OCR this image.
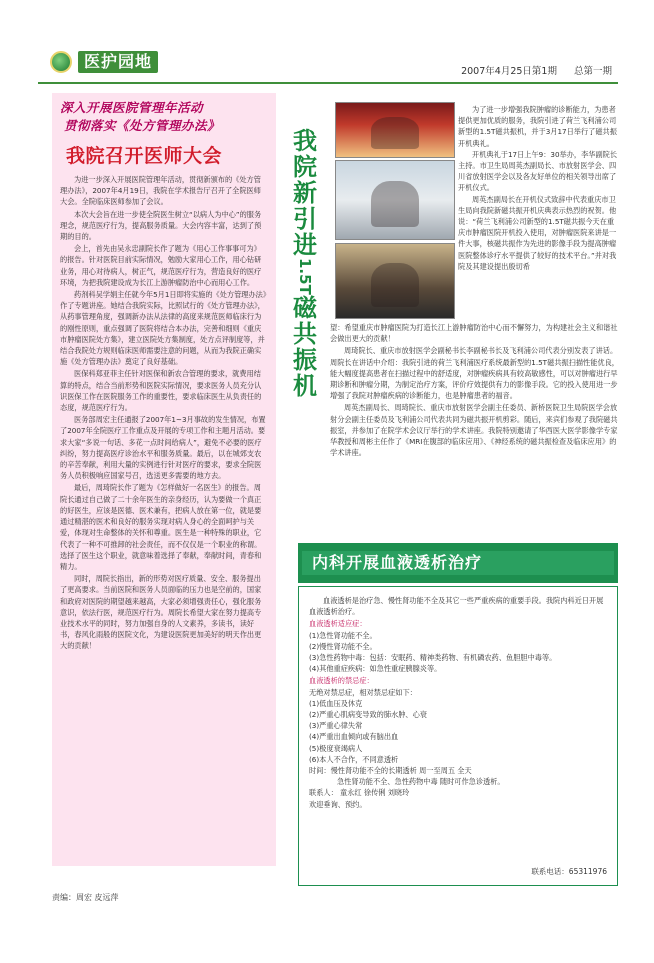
医护园地
2007年4月25日第1期 总第一期
深入开展医院管理年活动
贯彻落实《处方管理办法》
我院召开医师大会

为进一步深入开展医院管理年活动，贯彻新颁布的《处方管理办法》，2007年4月19日，我院在学术报告厅召开了全院医师大会。全院临床医师参加了会议。

本次大会旨在进一步使全院医生树立“以病人为中心”的服务理念，规范医疗行为，提高服务质量。大会内容丰富，达到了预期的目的。

会上，首先由吴永忠副院长作了题为《用心工作事事可为》的报告。针对医院目前实际情况，勉励大家用心工作，用心钻研业务，用心对待病人，树正气，规范医疗行为，营造良好的医疗环境，为把我院建设成为长江上游肿瘤防治中心而用心工作。

药剂科吴学娟主任就今年5月1日即将实施的《处方管理办法》作了专题讲座。她结合我院实际，比照试行的《处方管理办法》，从药事管理角度，强调新办法从法律的高度来规范医师临床行为的刚性原则，重点强调了医院将结合本办法，完善和细则《重庆市肿瘤医院处方集》，建立医院处方集制度，处方点评制度等，并结合我院处方规则临床医师需要注意的问题，从而为我院正确实施《处方管理办法》奠定了良好基础。

医保科郑亚菲主任针对医保和新农合管理的要求，就费用结算的特点，结合当前形势和医院实际情况，要求医务人员充分认识医保工作在医院服务工作的重要性，要求临床医生从负责任的态度，规范医疗行为。

医务部周宏主任通报了2007年1~3月事故的发生情况，布置了2007年全院医疗工作重点及开展的专项工作和主题月活动。要求大家“多说一句话、多花一点时间给病人”，避免不必要的医疗纠纷，努力提高医疗诊治水平和服务质量。最后，以在城郊支农的辛苦奉献，利用大量的实例进行针对医疗的要求，要求全院医务人员积极响应国家号召，选送更多需要的地方去。

最后，周琦院长作了题为《怎样做好一名医生》的报告。周院长通过自己做了二十余年医生的亲身经历，认为要做一个真正的好医生，应该是医德、医术兼有，把病人放在第一位，就是要通过精湛的医术和良好的服务实现对病人身心的全面呵护与关爱，体现对生命整体的关怀和尊重。医生是一种特殊的职业，它代表了一种不可推卸的社会责任，而不仅仅是一个职业的称谓。选择了医生这个职业，就意味着选择了奉献，奉献时间，青春和精力。

同时，周院长指出，新的形势对医疗质量、安全、服务提出了更高要求。当前医院和医务人员面临的压力也是空前的，国家和政府对医院的期望越来越高，大家必须增强责任心，强化服务意识，依法行医，规范医疗行为。周院长希望大家在努力提高专业技术水平的同时，努力加强自身的人文素养，多读书，读好书，春风化雨般的医院文化，为建设医院更加美好的明天作出更大的贡献！

我
院
新
引
进
1.5T
磁
共
振
机

为了进一步增强我院肿瘤的诊断能力，为患者提供更加优质的服务，我院引进了荷兰飞利浦公司新型的1.5T磁共振机，并于3月17日举行了磁共振开机典礼。

开机典礼于17日上午9：30举办，李华副院长主持。市卫生局周英杰副局长、市放射医学会、四川省放射医学会以及各友好单位的相关领导出席了开机仪式。

周英杰副局长在开机仪式致辞中代表重庆市卫生局向我院新磁共振开机庆典表示热烈的祝贺。他说：“荷兰飞利浦公司新型的1.5T磁共振今天在重庆市肿瘤医院开机投入使用，对肿瘤医院来讲是一件大事，核磁共振作为先进的影像手段为提高肿瘤医院整体诊疗水平提供了较好的技术平台。”并对我院及其建设提出殷切希

望：希望重庆市肿瘤医院为打造长江上游肿瘤防治中心而不懈努力，为构建社会主义和谐社会做出更大的贡献！

周琦院长、重庆市放射医学会副秘书长李副秘书长及飞利浦公司代表分别发表了讲话。周院长在讲话中介绍：我院引进的荷兰飞利浦医疗系统最新型的1.5T磁共振扫描性能优良，能大幅度提高患者在扫描过程中的舒适度，对肿瘤疾病具有较高敏感性，可以对肿瘤进行早期诊断和肿瘤分期，为制定治疗方案，评价疗效提供有力的影像手段。它的投入使用进一步增强了我院对肿瘤疾病的诊断能力，也是肿瘤患者的福音。

周英杰副局长、周琦院长、重庆市放射医学会副主任委员、新桥医院卫生局院医学会放射分会副主任委员及飞利浦公司代表共同为磁共振开机剪彩。随后，来宾们参观了我院磁共振室，并参加了在院学术会议厅举行的学术讲座。我院特别邀请了华西医大医学影像学专家华教授和周彬主任作了《MRI在腹部的临床应用》、《神经系统的磁共振检查及临床应用》的学术讲座。

内科开展血液透析治疗

血液透析是治疗急、慢性肾功能不全及其它一些严重疾病的重要手段。我院内科近日开展血液透析治疗。

血液透析适应症：

(1)急性肾功能不全。

(2)慢性肾功能不全。

(3)急性药物中毒：包括：安眠药、精神类药物、有机磷农药、鱼胆胆中毒等。

(4)其他重症疾病：如急性重症胰腺炎等。

血液透析的禁忌症：

无绝对禁忌症，相对禁忌症如下：

(1)低血压及休克

(2)严重心肌病变导致的肺水肿、心衰

(3)严重心律失常

(4)严重出血倾向或有脑出血

(5)极度衰竭病人

(6)本人不合作，不同意透析

时间：慢性肾功能不全的长期透析 周一至周五 全天

急性肾功能不全、急性药物中毒 随时可作急诊透析。

联系人： 童永红 徐传俐 刘晓玲

欢迎垂询、预约。

联系电话：65311976
责编：周宏 皮远萍
